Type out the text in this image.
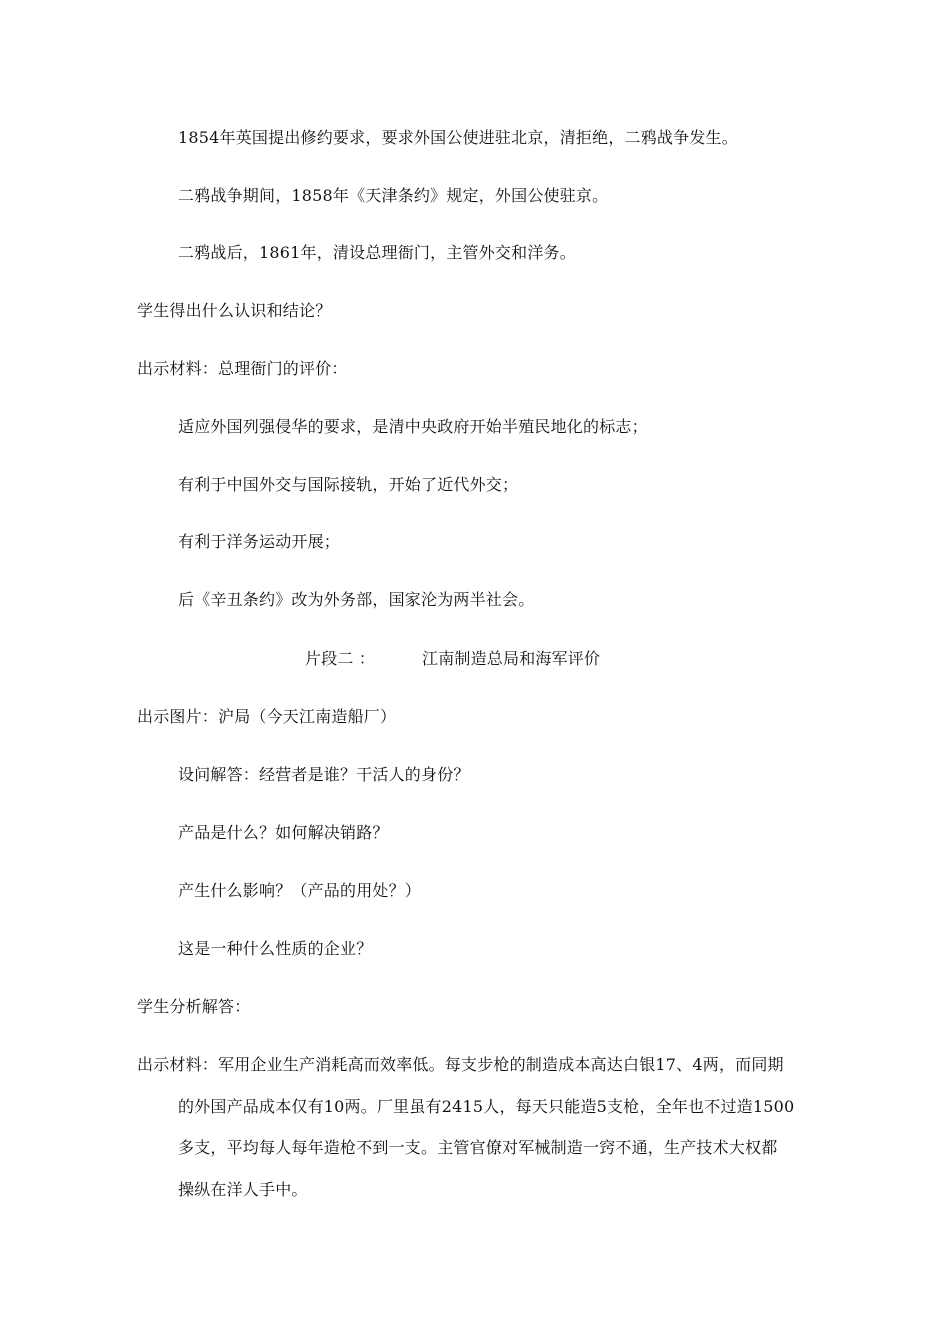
1854年英国提出修约要求，要求外国公使进驻北京，清拒绝，二鸦战争发生。

二鸦战争期间，1858年《天津条约》规定，外国公使驻京。

二鸦战后，1861年，清设总理衙门，主管外交和洋务。

学生得出什么认识和结论？

出示材料：总理衙门的评价：

适应外国列强侵华的要求，是清中央政府开始半殖民地化的标志；

有利于中国外交与国际接轨，开始了近代外交；

有利于洋务运动开展；

后《辛丑条约》改为外务部，国家沦为两半社会。

片段二 ：	江南制造总局和海军评价

出示图片：沪局（今天江南造船厂）

设问解答：经营者是谁？干活人的身份？

产品是什么？如何解决销路？

产生什么影响？（产品的用处？）

这是一种什么性质的企业？

学生分析解答：

出示材料：军用企业生产消耗高而效率低。每支步枪的制造成本高达白银17、4两，而同期

的外国产品成本仅有10两。厂里虽有2415人，每天只能造5支枪，全年也不过造1500

多支，平均每人每年造枪不到一支。主管官僚对军械制造一窍不通，生产技术大权都

操纵在洋人手中。
